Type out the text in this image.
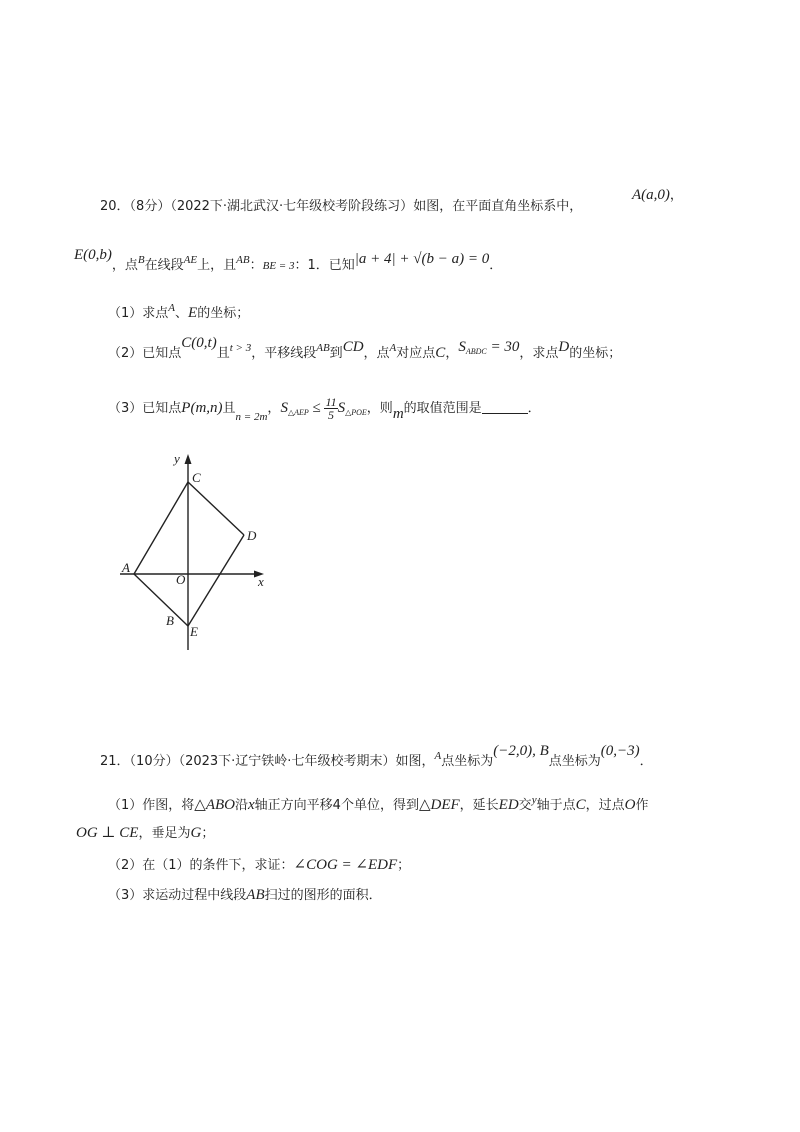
20．（8分）（2022下·湖北武汉·七年级校考阶段练习）如图，在平面直角坐标系中，
A(a,0)，
E(0,b)，点$^B$在线段$^{AE}$上，且$^{AB}$：BE = 3：1．已知|a + 4| + √(b − a) = 0．
（1）求点$^A$、E的坐标；
（2）已知点C(0,t)且$^{t > 3}$，平移线段$^{AB}$到CD，点$^A$对应点C，$S_{ABDC} = 30$，求点D的坐标；
（3）已知点P(m,n)且$_{n = 2m}$，$S_{\triangle AEP} \le \frac{11}{5} S_{\triangle POE}$，则m的取值范围是	．
y
x
C
D
A
O
B
E
21．（10分）（2023下·辽宁铁岭·七年级校考期末）如图，$^A$点坐标为(−2,0), B点坐标为(0,−3)．
（1）作图，将△ABO沿x轴正方向平移4个单位，得到△DEF，延长ED交$^y$轴于点C，过点O作
OG ⊥ CE，垂足为G；
（2）在（1）的条件下，求证：∠COG = ∠EDF；
（3）求运动过程中线段AB扫过的图形的面积．
